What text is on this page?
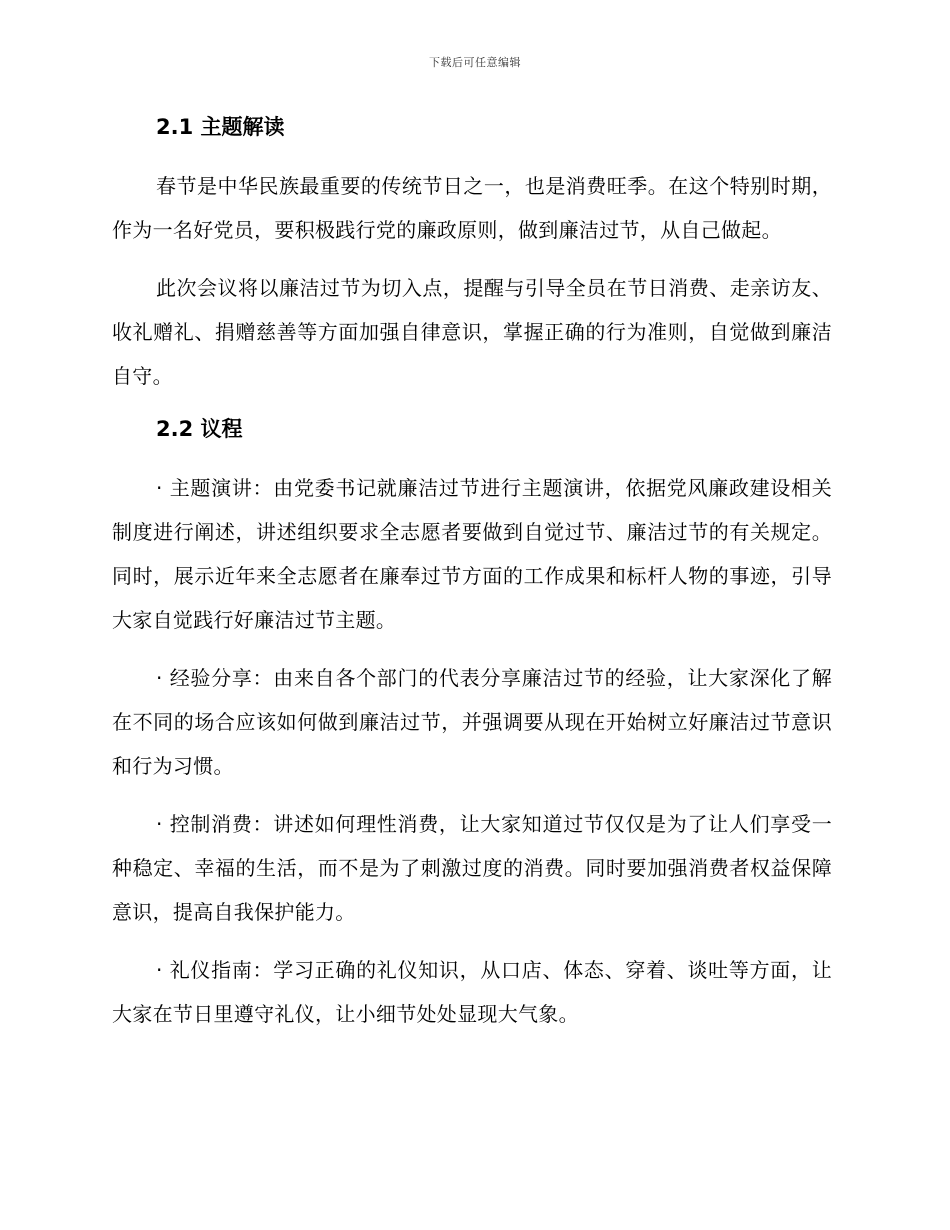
下载后可任意编辑
2.1 主题解读

春节是中华民族最重要的传统节日之一，也是消费旺季。在这个特别时期，作为一名好党员，要积极践行党的廉政原则，做到廉洁过节，从自己做起。

此次会议将以廉洁过节为切入点，提醒与引导全员在节日消费、走亲访友、收礼赠礼、捐赠慈善等方面加强自律意识，掌握正确的行为准则，自觉做到廉洁自守。

2.2 议程

· 主题演讲：由党委书记就廉洁过节进行主题演讲，依据党风廉政建设相关制度进行阐述，讲述组织要求全志愿者要做到自觉过节、廉洁过节的有关规定。同时，展示近年来全志愿者在廉奉过节方面的工作成果和标杆人物的事迹，引导大家自觉践行好廉洁过节主题。

· 经验分享：由来自各个部门的代表分享廉洁过节的经验，让大家深化了解在不同的场合应该如何做到廉洁过节，并强调要从现在开始树立好廉洁过节意识和行为习惯。

· 控制消费：讲述如何理性消费，让大家知道过节仅仅是为了让人们享受一种稳定、幸福的生活，而不是为了刺激过度的消费。同时要加强消费者权益保障意识，提高自我保护能力。

· 礼仪指南：学习正确的礼仪知识，从口店、体态、穿着、谈吐等方面，让大家在节日里遵守礼仪，让小细节处处显现大气象。
